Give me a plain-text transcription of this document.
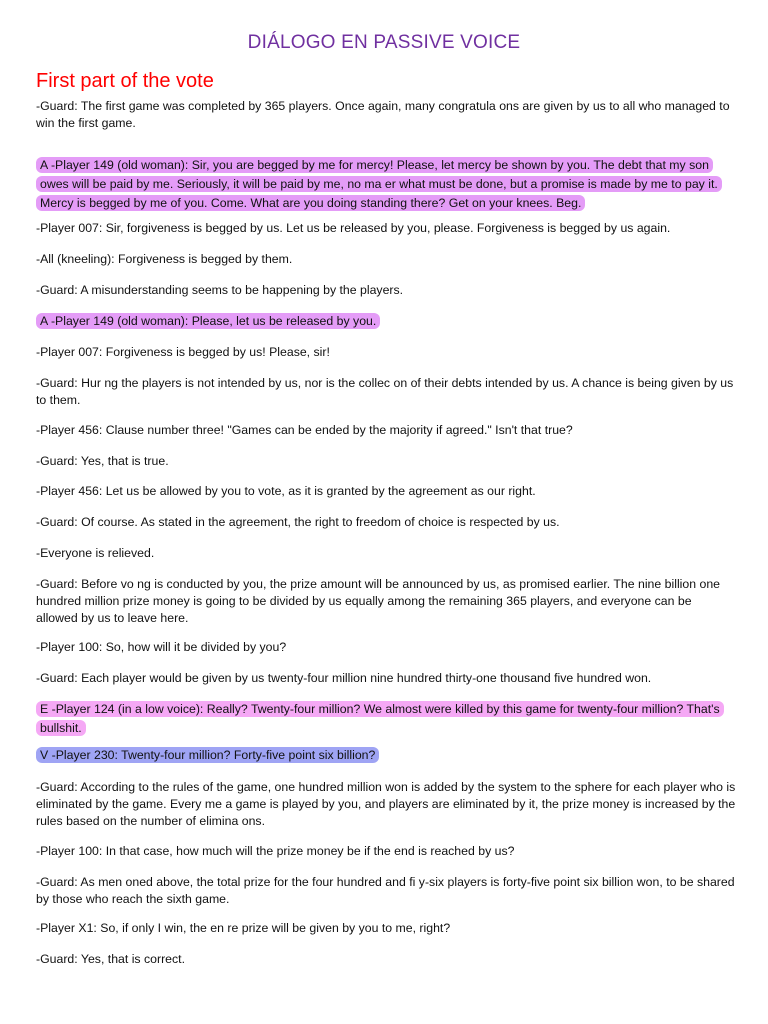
DIÁLOGO EN PASSIVE VOICE
First part of the vote

-Guard: The first game was completed by 365 players. Once again, many congratula ons are given by us to all who managed to win the first game.

A -Player 149 (old woman): Sir, you are begged by me for mercy! Please, let mercy be shown by you. The debt that my son owes will be paid by me. Seriously, it will be paid by me, no ma er what must be done, but a promise is made by me to pay it. Mercy is begged by me of you. Come. What are you doing standing there? Get on your knees. Beg.

-Player 007: Sir, forgiveness is begged by us. Let us be released by you, please. Forgiveness is begged by us again.

-All (kneeling): Forgiveness is begged by them.

-Guard: A misunderstanding seems to be happening by the players.

A -Player 149 (old woman): Please, let us be released by you.

-Player 007: Forgiveness is begged by us! Please, sir!

-Guard: Hur ng the players is not intended by us, nor is the collec on of their debts intended by us. A chance is being given by us to them.

-Player 456: Clause number three! "Games can be ended by the majority if agreed." Isn't that true?

-Guard: Yes, that is true.

-Player 456: Let us be allowed by you to vote, as it is granted by the agreement as our right.

-Guard: Of course. As stated in the agreement, the right to freedom of choice is respected by us.

-Everyone is relieved.

-Guard: Before vo ng is conducted by you, the prize amount will be announced by us, as promised earlier. The nine billion one hundred million prize money is going to be divided by us equally among the remaining 365 players, and everyone can be allowed by us to leave here.

-Player 100: So, how will it be divided by you?

-Guard: Each player would be given by us twenty-four million nine hundred thirty-one thousand five hundred won.

E -Player 124 (in a low voice): Really? Twenty-four million? We almost were killed by this game for twenty-four million? That's bullshit.

V -Player 230: Twenty-four million? Forty-five point six billion?

-Guard: According to the rules of the game, one hundred million won is added by the system to the sphere for each player who is eliminated by the game. Every me a game is played by you, and players are eliminated by it, the prize money is increased by the rules based on the number of elimina ons.

-Player 100: In that case, how much will the prize money be if the end is reached by us?

-Guard: As men oned above, the total prize for the four hundred and fi y-six players is forty-five point six billion won, to be shared by those who reach the sixth game.

-Player X1: So, if only I win, the en re prize will be given by you to me, right?

-Guard: Yes, that is correct.
